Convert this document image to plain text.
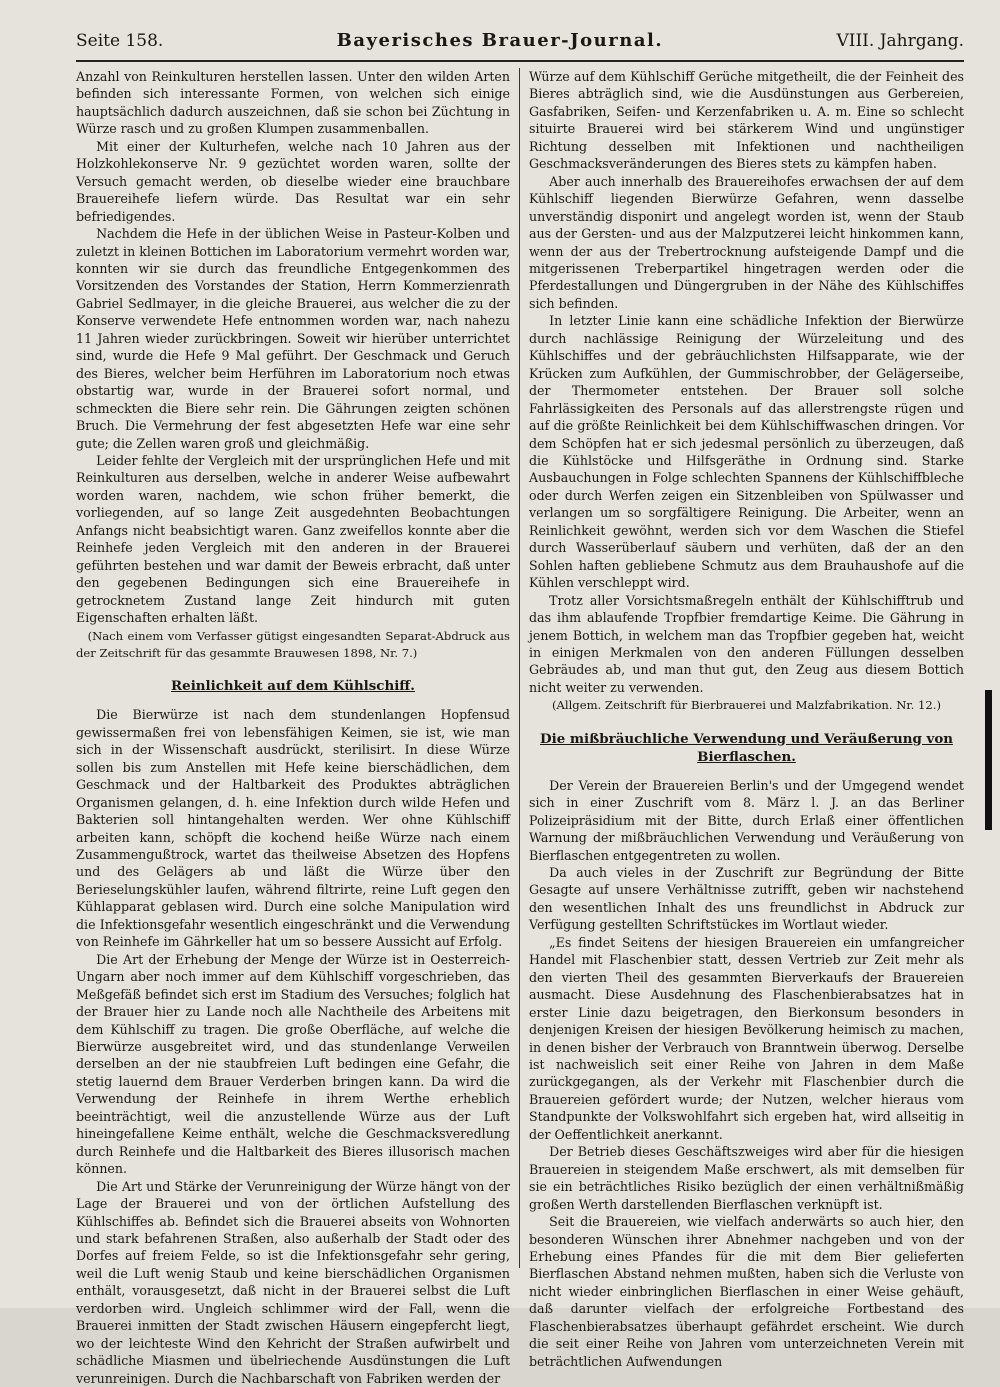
Seite 158.	Bayerisches Brauer-Journal.	VIII. Jahrgang.

Anzahl von Reinkulturen herstellen lassen. Unter den wilden Arten befinden sich interessante Formen, von welchen sich einige hauptsächlich dadurch auszeichnen, daß sie schon bei Züchtung in Würze rasch und zu großen Klumpen zusammenballen.

Mit einer der Kulturhefen, welche nach 10 Jahren aus der Holzkohlekonserve Nr. 9 gezüchtet worden waren, sollte der Versuch gemacht werden, ob dieselbe wieder eine brauchbare Brauereihefe liefern würde. Das Resultat war ein sehr befriedigendes.

Nachdem die Hefe in der üblichen Weise in Pasteur-Kolben und zuletzt in kleinen Bottichen im Laboratorium vermehrt worden war, konnten wir sie durch das freundliche Entgegenkommen des Vorsitzenden des Vorstandes der Station, Herrn Kommerzienrath Gabriel Sedlmayer, in die gleiche Brauerei, aus welcher die zu der Konserve verwendete Hefe entnommen worden war, nach nahezu 11 Jahren wieder zurückbringen. Soweit wir hierüber unterrichtet sind, wurde die Hefe 9 Mal geführt. Der Geschmack und Geruch des Bieres, welcher beim Herführen im Laboratorium noch etwas obstartig war, wurde in der Brauerei sofort normal, und schmeckten die Biere sehr rein. Die Gährungen zeigten schönen Bruch. Die Vermehrung der fest abgesetzten Hefe war eine sehr gute; die Zellen waren groß und gleichmäßig.

Leider fehlte der Vergleich mit der ursprünglichen Hefe und mit Reinkulturen aus derselben, welche in anderer Weise aufbewahrt worden waren, nachdem, wie schon früher bemerkt, die vorliegenden, auf so lange Zeit ausgedehnten Beobachtungen Anfangs nicht beabsichtigt waren. Ganz zweifellos konnte aber die Reinhefe jeden Vergleich mit den anderen in der Brauerei geführten bestehen und war damit der Beweis erbracht, daß unter den gegebenen Bedingungen sich eine Brauereihefe in getrocknetem Zustand lange Zeit hindurch mit guten Eigenschaften erhalten läßt.

(Nach einem vom Verfasser gütigst eingesandten Separat-Abdruck aus der Zeitschrift für das gesammte Brauwesen 1898, Nr. 7.)

Reinlichkeit auf dem Kühlschiff.

Die Bierwürze ist nach dem stundenlangen Hopfensud gewissermaßen frei von lebensfähigen Keimen, sie ist, wie man sich in der Wissenschaft ausdrückt, sterilisirt. In diese Würze sollen bis zum Anstellen mit Hefe keine bierschädlichen, dem Geschmack und der Haltbarkeit des Produktes abträglichen Organismen gelangen, d. h. eine Infektion durch wilde Hefen und Bakterien soll hintangehalten werden. Wer ohne Kühlschiff arbeiten kann, schöpft die kochend heiße Würze nach einem Zusammengußtrock, wartet das theilweise Absetzen des Hopfens und des Gelägers ab und läßt die Würze über den Berieselungskühler laufen, während filtrirte, reine Luft gegen den Kühlapparat geblasen wird. Durch eine solche Manipulation wird die Infektionsgefahr wesentlich eingeschränkt und die Verwendung von Reinhefe im Gährkeller hat um so bessere Aussicht auf Erfolg.

Die Art der Erhebung der Menge der Würze ist in Oesterreich-Ungarn aber noch immer auf dem Kühlschiff vorgeschrieben, das Meßgefäß befindet sich erst im Stadium des Versuches; folglich hat der Brauer hier zu Lande noch alle Nachtheile des Arbeitens mit dem Kühlschiff zu tragen. Die große Oberfläche, auf welche die Bierwürze ausgebreitet wird, und das stundenlange Verweilen derselben an der nie staubfreien Luft bedingen eine Gefahr, die stetig lauernd dem Brauer Verderben bringen kann. Da wird die Verwendung der Reinhefe in ihrem Werthe erheblich beeinträchtigt, weil die anzustellende Würze aus der Luft hineingefallene Keime enthält, welche die Geschmacksveredlung durch Reinhefe und die Haltbarkeit des Bieres illusorisch machen können.

Die Art und Stärke der Verunreinigung der Würze hängt von der Lage der Brauerei und von der örtlichen Aufstellung des Kühlschiffes ab. Befindet sich die Brauerei abseits von Wohnorten und stark befahrenen Straßen, also außerhalb der Stadt oder des Dorfes auf freiem Felde, so ist die Infektionsgefahr sehr gering, weil die Luft wenig Staub und keine bierschädlichen Organismen enthält, vorausgesetzt, daß nicht in der Brauerei selbst die Luft verdorben wird. Ungleich schlimmer wird der Fall, wenn die Brauerei inmitten der Stadt zwischen Häusern eingepfercht liegt, wo der leichteste Wind den Kehricht der Straßen aufwirbelt und schädliche Miasmen und übelriechende Ausdünstungen die Luft verunreinigen. Durch die Nachbarschaft von Fabriken werden der

Würze auf dem Kühlschiff Gerüche mitgetheilt, die der Feinheit des Bieres abträglich sind, wie die Ausdünstungen aus Gerbereien, Gasfabriken, Seifen- und Kerzenfabriken u. A. m. Eine so schlecht situirte Brauerei wird bei stärkerem Wind und ungünstiger Richtung desselben mit Infektionen und nachtheiligen Geschmacksveränderungen des Bieres stets zu kämpfen haben.

Aber auch innerhalb des Brauereihofes erwachsen der auf dem Kühlschiff liegenden Bierwürze Gefahren, wenn dasselbe unverständig disponirt und angelegt worden ist, wenn der Staub aus der Gersten- und aus der Malzputzerei leicht hinkommen kann, wenn der aus der Trebertrocknung aufsteigende Dampf und die mitgerissenen Treberpartikel hingetragen werden oder die Pferdestallungen und Düngergruben in der Nähe des Kühlschiffes sich befinden.

In letzter Linie kann eine schädliche Infektion der Bierwürze durch nachlässige Reinigung der Würzeleitung und des Kühlschiffes und der gebräuchlichsten Hilfsapparate, wie der Krücken zum Aufkühlen, der Gummischrobber, der Gelägerseibe, der Thermometer entstehen. Der Brauer soll solche Fahrlässigkeiten des Personals auf das allerstrengste rügen und auf die größte Reinlichkeit bei dem Kühlschiffwaschen dringen. Vor dem Schöpfen hat er sich jedesmal persönlich zu überzeugen, daß die Kühlstöcke und Hilfsgeräthe in Ordnung sind. Starke Ausbauchungen in Folge schlechten Spannens der Kühlschiffbleche oder durch Werfen zeigen ein Sitzenbleiben von Spülwasser und verlangen um so sorgfältigere Reinigung. Die Arbeiter, wenn an Reinlichkeit gewöhnt, werden sich vor dem Waschen die Stiefel durch Wasserüberlauf säubern und verhüten, daß der an den Sohlen haften gebliebene Schmutz aus dem Brauhaushofe auf die Kühlen verschleppt wird.

Trotz aller Vorsichtsmaßregeln enthält der Kühlschifftrub und das ihm ablaufende Tropfbier fremdartige Keime. Die Gährung in jenem Bottich, in welchem man das Tropfbier gegeben hat, weicht in einigen Merkmalen von den anderen Füllungen desselben Gebräudes ab, und man thut gut, den Zeug aus diesem Bottich nicht weiter zu verwenden.

(Allgem. Zeitschrift für Bierbrauerei und Malzfabrikation. Nr. 12.)

Die mißbräuchliche Verwendung und Veräußerung von Bierflaschen.

Der Verein der Brauereien Berlin's und der Umgegend wendet sich in einer Zuschrift vom 8. März l. J. an das Berliner Polizeipräsidium mit der Bitte, durch Erlaß einer öffentlichen Warnung der mißbräuchlichen Verwendung und Veräußerung von Bierflaschen entgegentreten zu wollen.

Da auch vieles in der Zuschrift zur Begründung der Bitte Gesagte auf unsere Verhältnisse zutrifft, geben wir nachstehend den wesentlichen Inhalt des uns freundlichst in Abdruck zur Verfügung gestellten Schriftstückes im Wortlaut wieder.

„Es findet Seitens der hiesigen Brauereien ein umfangreicher Handel mit Flaschenbier statt, dessen Vertrieb zur Zeit mehr als den vierten Theil des gesammten Bierverkaufs der Brauereien ausmacht. Diese Ausdehnung des Flaschenbierabsatzes hat in erster Linie dazu beigetragen, den Bierkonsum besonders in denjenigen Kreisen der hiesigen Bevölkerung heimisch zu machen, in denen bisher der Verbrauch von Branntwein überwog. Derselbe ist nachweislich seit einer Reihe von Jahren in dem Maße zurückgegangen, als der Verkehr mit Flaschenbier durch die Brauereien gefördert wurde; der Nutzen, welcher hieraus vom Standpunkte der Volkswohlfahrt sich ergeben hat, wird allseitig in der Oeffentlichkeit anerkannt.

Der Betrieb dieses Geschäftszweiges wird aber für die hiesigen Brauereien in steigendem Maße erschwert, als mit demselben für sie ein beträchtliches Risiko bezüglich der einen verhältnißmäßig großen Werth darstellenden Bierflaschen verknüpft ist.

Seit die Brauereien, wie vielfach anderwärts so auch hier, den besonderen Wünschen ihrer Abnehmer nachgeben und von der Erhebung eines Pfandes für die mit dem Bier gelieferten Bierflaschen Abstand nehmen mußten, haben sich die Verluste von nicht wieder einbringlichen Bierflaschen in einer Weise gehäuft, daß darunter vielfach der erfolgreiche Fortbestand des Flaschenbierabsatzes überhaupt gefährdet erscheint. Wie durch die seit einer Reihe von Jahren vom unterzeichneten Verein mit beträchtlichen Aufwendungen
